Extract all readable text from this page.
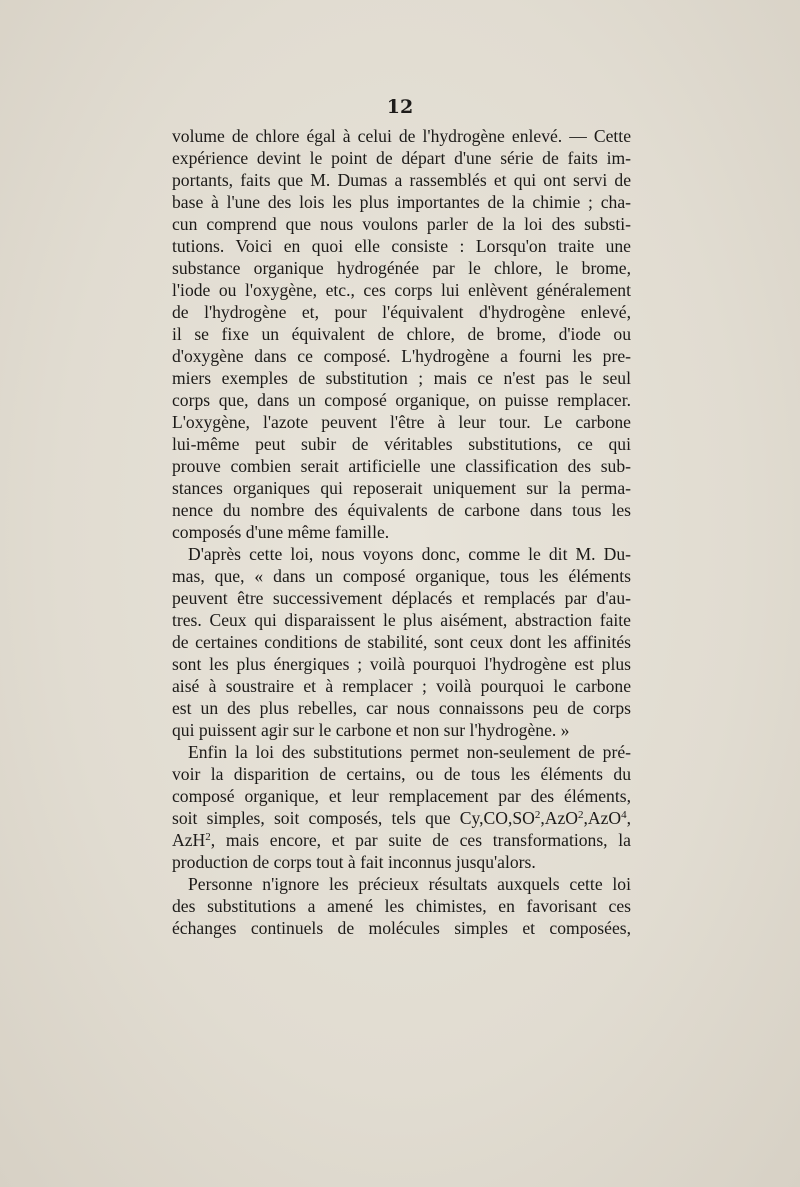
12
volume de chlore égal à celui de l'hydrogène enlevé. — Cette
expérience devint le point de départ d'une série de faits im-
portants, faits que M. Dumas a rassemblés et qui ont servi de
base à l'une des lois les plus importantes de la chimie ; cha-
cun comprend que nous voulons parler de la loi des substi-
tutions. Voici en quoi elle consiste : Lorsqu'on traite une
substance organique hydrogénée par le chlore, le brome,
l'iode ou l'oxygène, etc., ces corps lui enlèvent généralement
de l'hydrogène et, pour l'équivalent d'hydrogène enlevé,
il se fixe un équivalent de chlore, de brome, d'iode ou
d'oxygène dans ce composé. L'hydrogène a fourni les pre-
miers exemples de substitution ; mais ce n'est pas le seul
corps que, dans un composé organique, on puisse remplacer.
L'oxygène, l'azote peuvent l'être à leur tour. Le carbone
lui-même peut subir de véritables substitutions, ce qui
prouve combien serait artificielle une classification des sub-
stances organiques qui reposerait uniquement sur la perma-
nence du nombre des équivalents de carbone dans tous les
composés d'une même famille.
D'après cette loi, nous voyons donc, comme le dit M. Du-
mas, que, « dans un composé organique, tous les éléments
peuvent être successivement déplacés et remplacés par d'au-
tres. Ceux qui disparaissent le plus aisément, abstraction faite
de certaines conditions de stabilité, sont ceux dont les affinités
sont les plus énergiques ; voilà pourquoi l'hydrogène est plus
aisé à soustraire et à remplacer ; voilà pourquoi le carbone
est un des plus rebelles, car nous connaissons peu de corps
qui puissent agir sur le carbone et non sur l'hydrogène. »
Enfin la loi des substitutions permet non-seulement de pré-
voir la disparition de certains, ou de tous les éléments du
composé organique, et leur remplacement par des éléments,
soit simples, soit composés, tels que $Cy,CO,SO^2,AzO^2,AzO^4$,
AzH$^2$, mais encore, et par suite de ces transformations, la
production de corps tout à fait inconnus jusqu'alors.
Personne n'ignore les précieux résultats auxquels cette loi
des substitutions a amené les chimistes, en favorisant ces
échanges continuels de molécules simples et composées,
